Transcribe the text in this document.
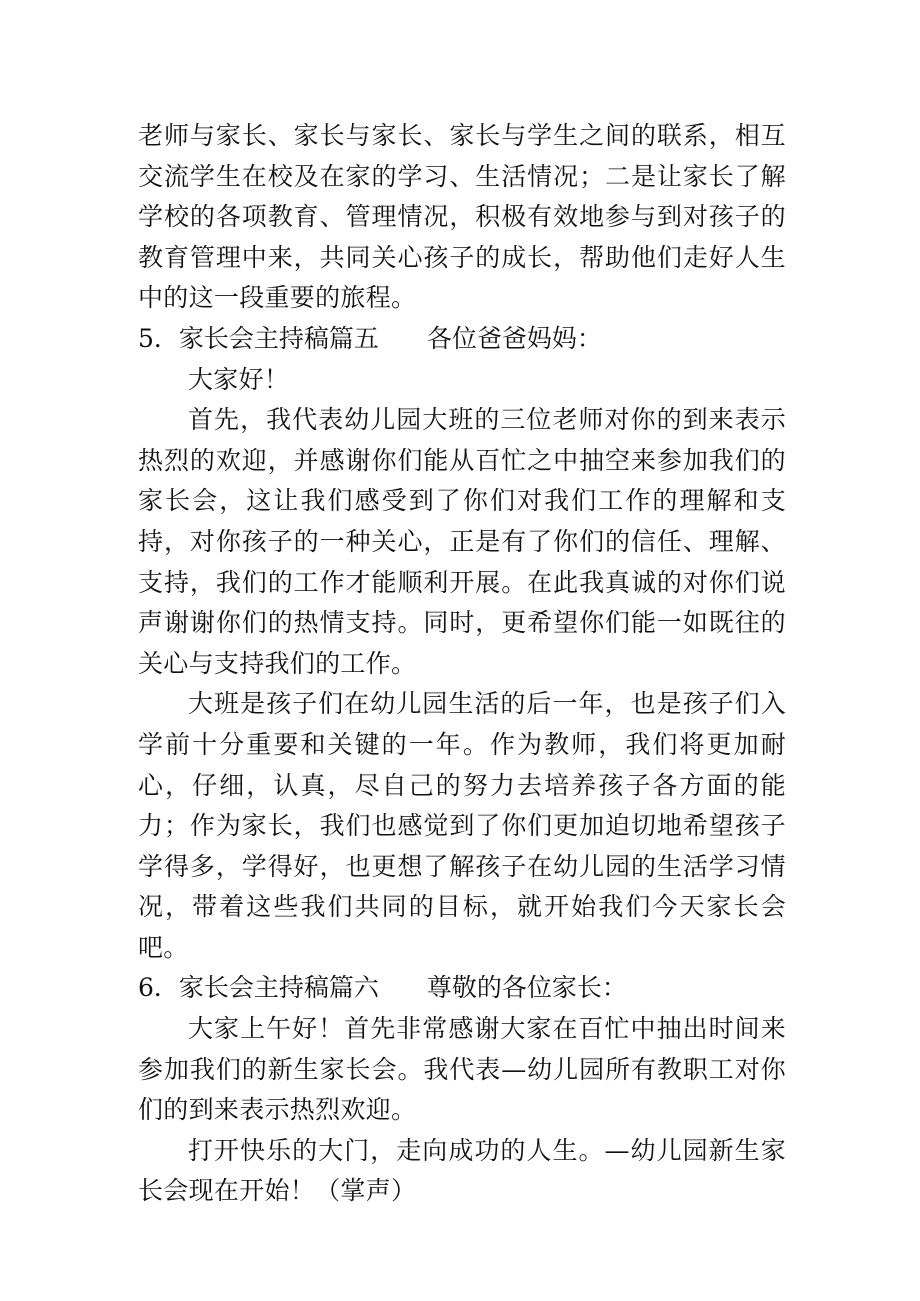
老师与家长、家长与家长、家长与学生之间的联系，相互交流学生在校及在家的学习、生活情况；二是让家长了解学校的各项教育、管理情况，积极有效地参与到对孩子的教育管理中来，共同关心孩子的成长，帮助他们走好人生中的这一段重要的旅程。

5．家长会主持稿篇五 各位爸爸妈妈：

大家好！

首先，我代表幼儿园大班的三位老师对你的到来表示热烈的欢迎，并感谢你们能从百忙之中抽空来参加我们的家长会，这让我们感受到了你们对我们工作的理解和支持，对你孩子的一种关心，正是有了你们的信任、理解、支持，我们的工作才能顺利开展。在此我真诚的对你们说声谢谢你们的热情支持。同时，更希望你们能一如既往的关心与支持我们的工作。

大班是孩子们在幼儿园生活的后一年，也是孩子们入学前十分重要和关键的一年。作为教师，我们将更加耐心，仔细，认真，尽自己的努力去培养孩子各方面的能力；作为家长，我们也感觉到了你们更加迫切地希望孩子学得多，学得好，也更想了解孩子在幼儿园的生活学习情况，带着这些我们共同的目标，就开始我们今天家长会吧。

6．家长会主持稿篇六 尊敬的各位家长：

大家上午好！首先非常感谢大家在百忙中抽出时间来参加我们的新生家长会。我代表—幼儿园所有教职工对你们的到来表示热烈欢迎。

打开快乐的大门，走向成功的人生。—幼儿园新生家长会现在开始！（掌声）
